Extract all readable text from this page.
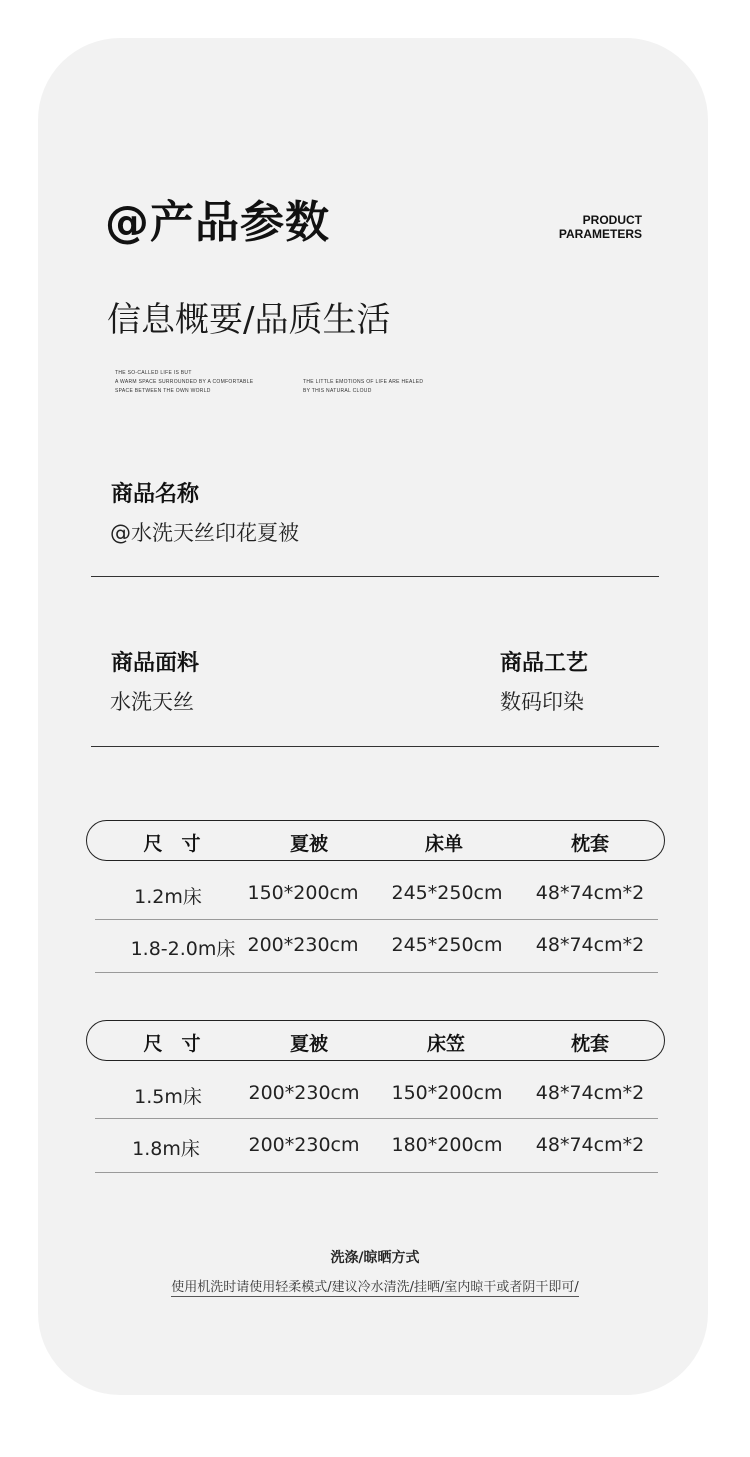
@产品参数	PRODUCT
PARAMETERS
信息概要/品质生活
THE SO-CALLED LIFE IS BUT
A WARM SPACE SURROUNDED BY A COMFORTABLE
SPACE BETWEEN THE OWN WORLD
THE LITTLE EMOTIONS OF LIFE ARE HEALED
BY THIS NATURAL CLOUD
商品名称
@水洗天丝印花夏被
商品面料
水洗天丝
商品工艺
数码印染
尺　寸	夏被	床单	枕套
1.2m床 150*200cm 245*250cm 48*74cm*2
1.8-2.0m床 200*230cm 245*250cm 48*74cm*2
尺　寸	夏被	床笠	枕套
1.5m床 200*230cm 150*200cm 48*74cm*2
1.8m床	200*230cm 180*200cm 48*74cm*2
洗涤/晾晒方式
使用机洗时请使用轻柔模式/建议冷水清洗/挂晒/室内晾干或者阴干即可/
